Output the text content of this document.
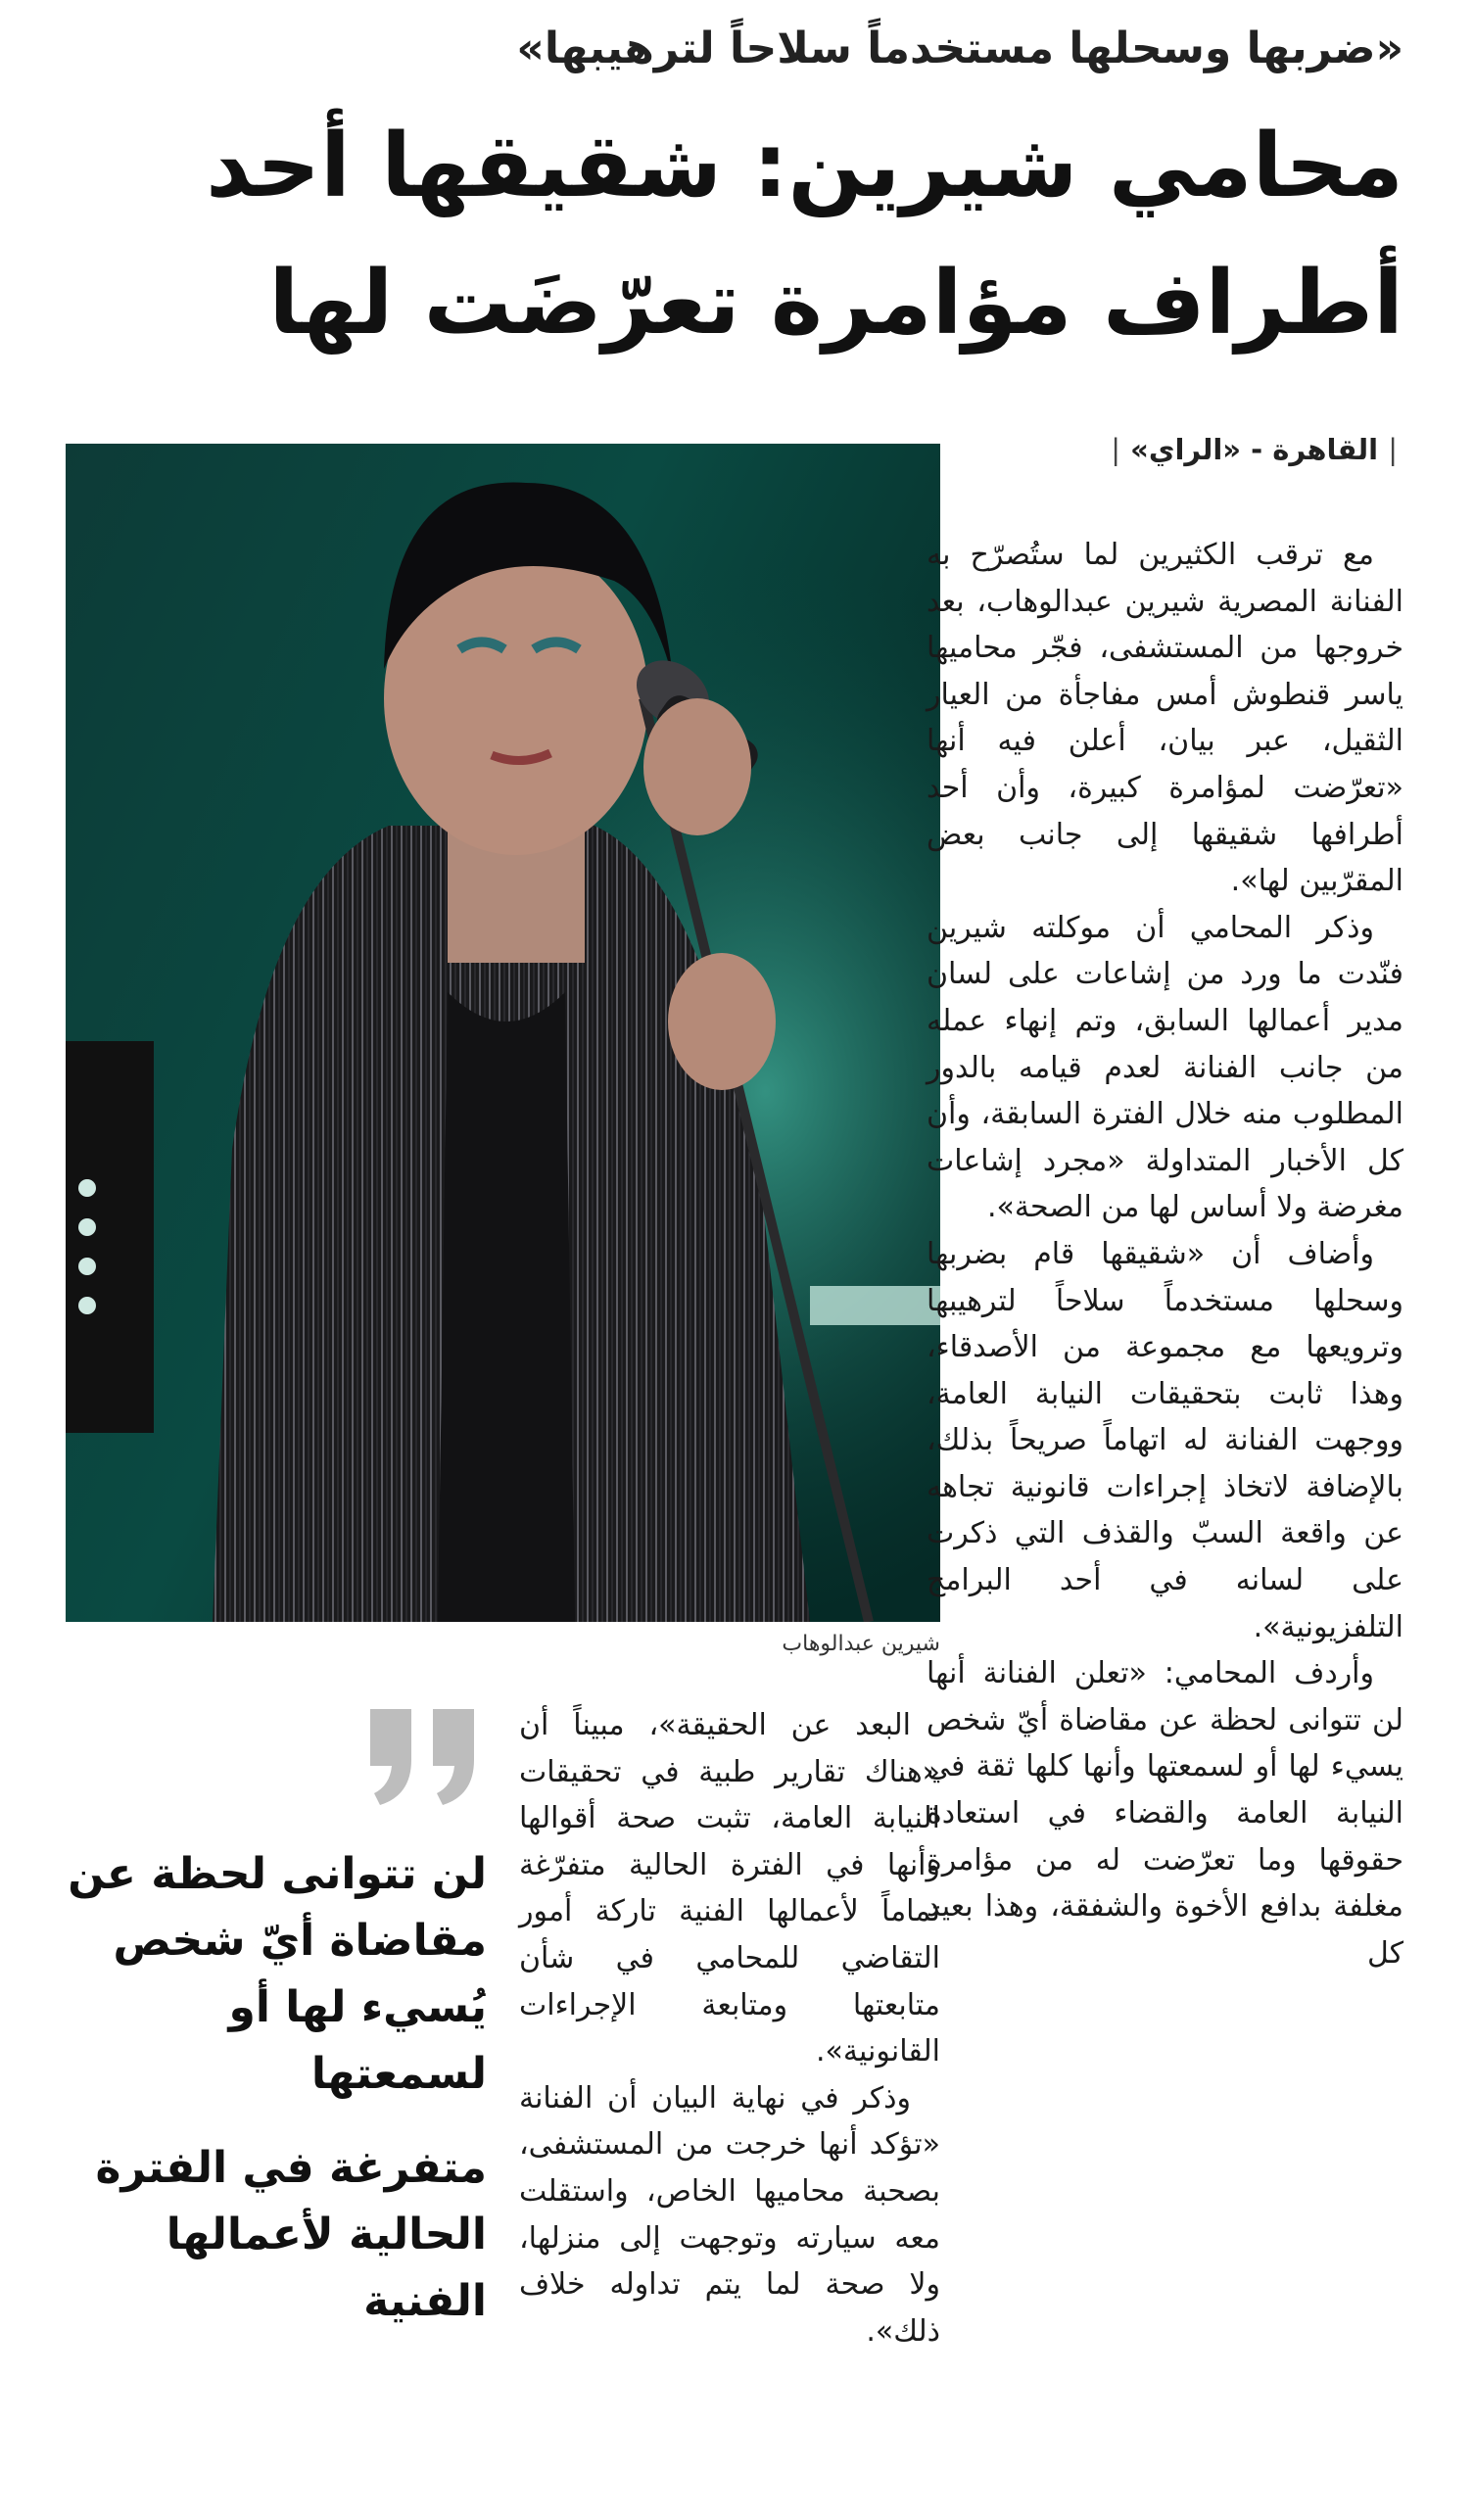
«ضربها وسحلها مستخدماً سلاحاً لترهيبها»
محامي شيرين: شقيقها أحد أطراف مؤامرة تعرّضَت لها
| القاهرة - «الراي» |
شيرين عبدالوهاب

مع ترقب الكثيرين لما ستُصرّح به الفنانة المصرية شيرين عبدالوهاب، بعد خروجها من المستشفى، فجّر محاميها ياسر قنطوش أمس مفاجأة من العيار الثقيل، عبر بيان، أعلن فيه أنها «تعرّضت لمؤامرة كبيرة، وأن أحد أطرافها شقيقها إلى جانب بعض المقرّبين لها».

وذكر المحامي أن موكلته شيرين فنّدت ما ورد من إشاعات على لسان مدير أعمالها السابق، وتم إنهاء عمله من جانب الفنانة لعدم قيامه بالدور المطلوب منه خلال الفترة السابقة، وأن كل الأخبار المتداولة «مجرد إشاعات مغرضة ولا أساس لها من الصحة».

وأضاف أن «شقيقها قام بضربها وسحلها مستخدماً سلاحاً لترهيبها وترويعها مع مجموعة من الأصدقاء، وهذا ثابت بتحقيقات النيابة العامة، ووجهت الفنانة له اتهاماً صريحاً بذلك، بالإضافة لاتخاذ إجراءات قانونية تجاهه عن واقعة السبّ والقذف التي ذكرت على لسانه في أحد البرامج التلفزيونية».

وأردف المحامي: «تعلن الفنانة أنها لن تتوانى لحظة عن مقاضاة أيّ شخص يسيء لها أو لسمعتها وأنها كلها ثقة في النيابة العامة والقضاء في استعادة حقوقها وما تعرّضت له من مؤامرة مغلفة بدافع الأخوة والشفقة، وهذا بعيد كل

البعد عن الحقيقة»، مبيناً أن «هناك تقارير طبية في تحقيقات النيابة العامة، تثبت صحة أقوالها وأنها في الفترة الحالية متفرّغة تماماً لأعمالها الفنية تاركة أمور التقاضي للمحامي في شأن متابعتها ومتابعة الإجراءات القانونية».

وذكر في نهاية البيان أن الفنانة «تؤكد أنها خرجت من المستشفى، بصحبة محاميها الخاص، واستقلت معه سيارته وتوجهت إلى منزلها، ولا صحة لما يتم تداوله خلاف ذلك».

لن تتوانى لحظة عن مقاضاة أيّ شخص يُسيء لها أو لسمعتها
متفرغة في الفترة الحالية لأعمالها الفنية
